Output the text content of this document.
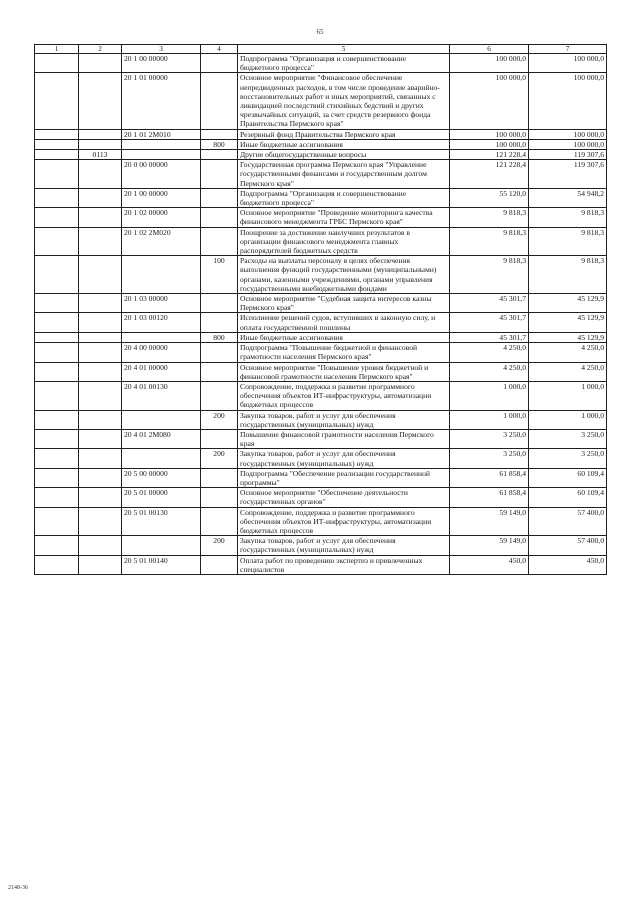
65
1	2	3	4	5	6	7
		20 1 00 00000		Подпрограмма "Организация и совершенствование бюджетного процесса"	100 000,0	100 000,0
		20 1 01 00000		Основное мероприятие "Финансовое обеспечение непредвиденных расходов, в том числе проведение аварийно-восстановительных работ и иных мероприятий, связанных с ликвидацией последствий стихийных бедствий и других чрезвычайных ситуаций, за счет средств резервного фонда Правительства Пермского края"	100 000,0	100 000,0
		20 1 01 2М010		Резервный фонд Правительства Пермского края	100 000,0	100 000,0
			800	Иные бюджетные ассигнования	100 000,0	100 000,0
	0113			Другие общегосударственные вопросы	121 228,4	119 307,6
		20 0 00 00000		Государственная программа Пермского края "Управление государственными финансами и государственным долгом Пермского края"	121 228,4	119 307,6
		20 1 00 00000		Подпрограмма "Организация и совершенствование бюджетного процесса"	55 120,0	54 948,2
		20 1 02 00000		Основное мероприятие "Проведение мониторинга качества финансового менеджмента ГРБС Пермского края"	9 818,3	9 818,3
		20 1 02 2М020		Поощрение за достижение наилучших результатов в организации финансового менеджмента главных распорядителей бюджетных средств	9 818,3	9 818,3
			100	Расходы на выплаты персоналу в целях обеспечения выполнения функций государственными (муниципальными) органами, казенными учреждениями, органами управления государственными внебюджетными фондами	9 818,3	9 818,3
		20 1 03 00000		Основное мероприятие "Судебная защита интересов казны Пермского края"	45 301,7	45 129,9
		20 1 03 00120		Исполнение решений судов, вступивших в законную силу, и оплата государственной пошлины	45 301,7	45 129,9
			800	Иные бюджетные ассигнования	45 301,7	45 129,9
		20 4 00 00000		Подпрограмма "Повышение бюджетной и финансовой грамотности населения Пермского края"	4 250,0	4 250,0
		20 4 01 00000		Основное мероприятие "Повышение уровня бюджетной и финансовой грамотности населения Пермского края"	4 250,0	4 250,0
		20 4 01 00130		Сопровождение, поддержка и развитие программного обеспечения объектов ИТ-инфраструктуры, автоматизации бюджетных процессов	1 000,0	1 000,0
			200	Закупка товаров, работ и услуг для обеспечения государственных (муниципальных) нужд	1 000,0	1 000,0
		20 4 01 2М080		Повышение финансовой грамотности населения Пермского края	3 250,0	3 250,0
			200	Закупка товаров, работ и услуг для обеспечения государственных (муниципальных) нужд	3 250,0	3 250,0
		20 5 00 00000		Подпрограмма "Обеспечение реализации государственной программы"	61 858,4	60 109,4
		20 5 01 00000		Основное мероприятие "Обеспечение деятельности государственных органов"	61 858,4	60 109,4
		20 5 01 00130		Сопровождение, поддержка и развитие программного обеспечения объектов ИТ-инфраструктуры, автоматизации бюджетных процессов	59 149,0	57 400,0
			200	Закупка товаров, работ и услуг для обеспечения государственных (муниципальных) нужд	59 149,0	57 400,0
		20 5 01 00140		Оплата работ по проведению экспертиз и привлеченных специалистов	450,0	450,0
2148-36
